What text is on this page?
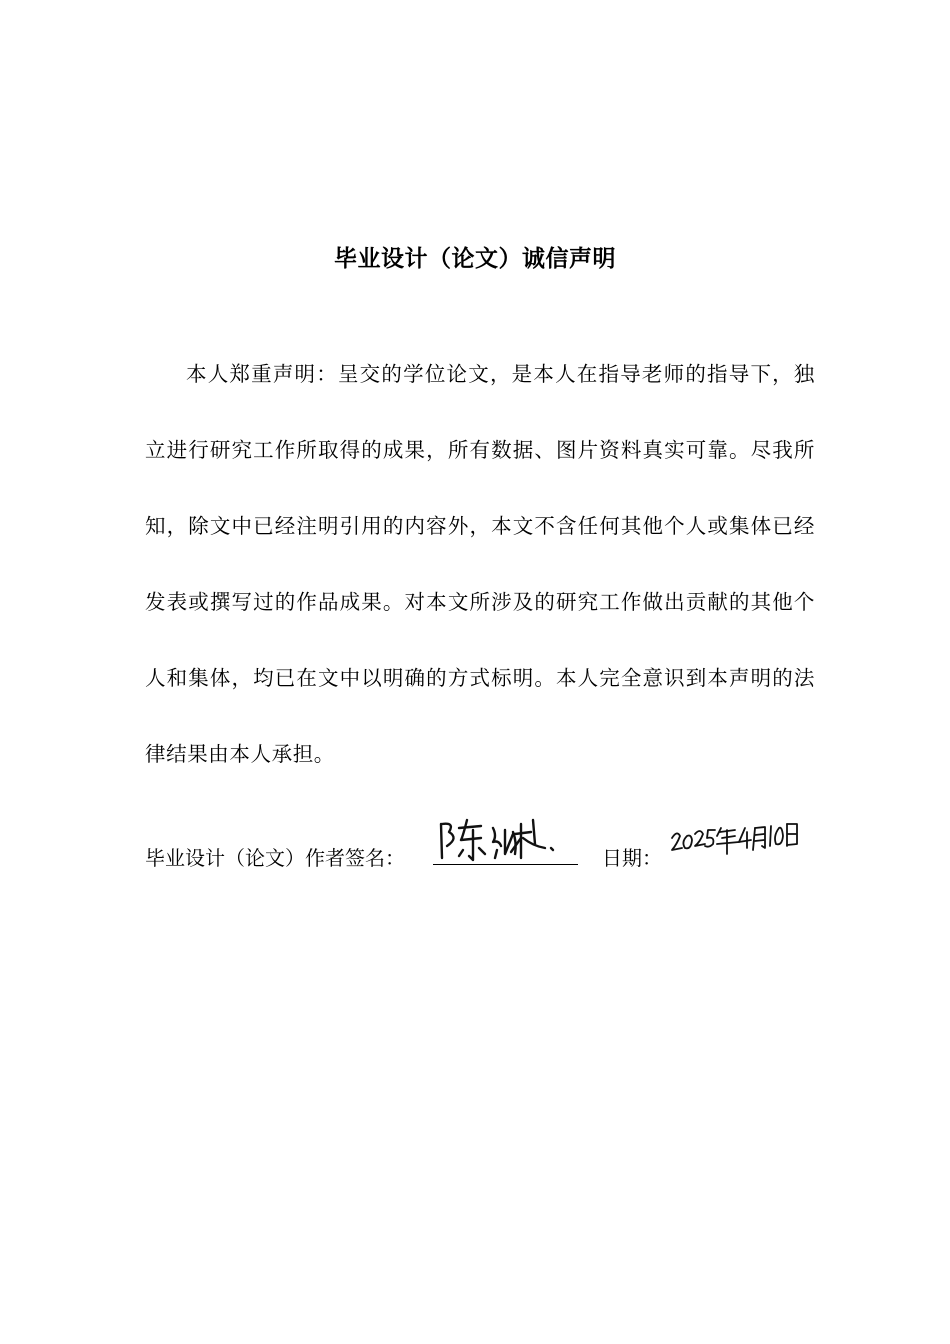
毕业设计（论文）诚信声明
本人郑重声明：呈交的学位论文，是本人在指导老师的指导下，独立进行研究工作所取得的成果，所有数据、图片资料真实可靠。尽我所知，除文中已经注明引用的内容外，本文不含任何其他个人或集体已经发表或撰写过的作品成果。对本文所涉及的研究工作做出贡献的其他个人和集体，均已在文中以明确的方式标明。本人完全意识到本声明的法律结果由本人承担。
毕业设计（论文）作者签名：	日期：
